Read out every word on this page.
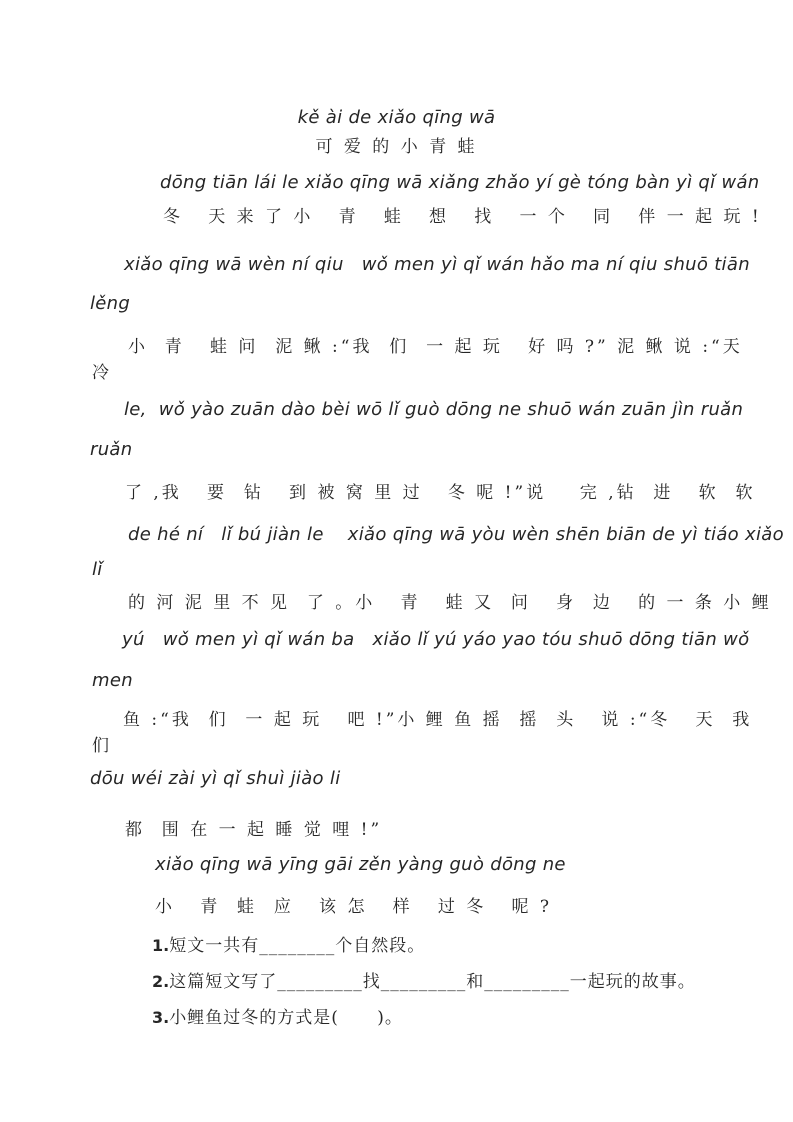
kě ài de xiǎo qīng wā
可 爱 的 小 青 蛙
dōng tiān lái le xiǎo qīng wā xiǎng zhǎo yí gè tóng bàn yì qǐ wán
冬   天 来 了 小   青   蛙   想   找   一 个   同   伴 一 起 玩 !
xiǎo qīng wā wèn ní qiu   wǒ men yì qǐ wán hǎo ma ní qiu shuō tiān
lěng
小  青   蛙 问  泥 鳅 :“我  们  一 起 玩   好 吗 ?” 泥 鳅 说 :“天
冷
le,  wǒ yào zuān dào bèi wō lǐ guò dōng ne shuō wán zuān jìn ruǎn
ruǎn
了 ,我   要  钻   到 被 窝 里 过   冬 呢 !”说    完 ,钻  进   软  软
de hé ní   lǐ bú jiàn le    xiǎo qīng wā yòu wèn shēn biān de yì tiáo xiǎo
lǐ
的 河 泥 里 不 见  了 。小   青   蛙 又  问   身  边   的 一 条 小 鲤
yú   wǒ men yì qǐ wán ba   xiǎo lǐ yú yáo yao tóu shuō dōng tiān wǒ
men
鱼 :“我  们  一 起 玩   吧 !”小 鲤 鱼 摇  摇  头   说 :“冬   天  我
们
dōu wéi zài yì qǐ shuì jiào li
都  围 在 一 起 睡 觉 哩 !”
xiǎo qīng wā yīng gāi zěn yàng guò dōng ne
小   青  蛙  应   该 怎   样   过 冬   呢 ?
1.短文一共有________个自然段。
2.这篇短文写了_________找_________和_________一起玩的故事。
3.小鲤鱼过冬的方式是(      )。
